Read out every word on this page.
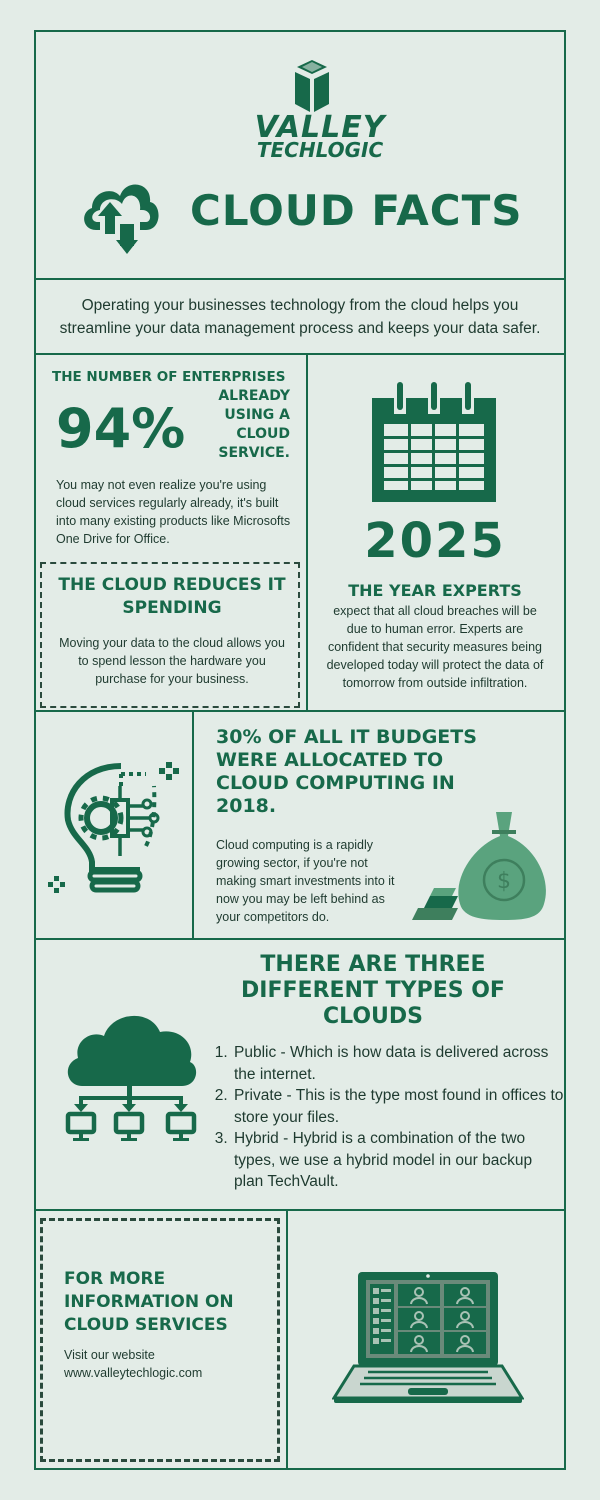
VALLEY
TECHLOGIC
CLOUD FACTS
Operating your businesses technology from the cloud helps you streamline your data management process and keeps your data safer.
THE NUMBER OF ENTERPRISES
94%
ALREADY USING A CLOUD SERVICE.
You may not even realize you're using cloud services regularly already, it's built into many existing products like Microsofts One Drive for Office.
THE CLOUD REDUCES IT SPENDING
Moving your data to the cloud allows you to spend lesson the hardware you purchase for your business.
2025
THE YEAR EXPERTS
expect that all cloud breaches will be due to human error. Experts are confident that security measures being developed today will protect the data of tomorrow from outside infiltration.
30% OF ALL IT BUDGETS WERE ALLOCATED TO CLOUD COMPUTING IN 2018.
Cloud computing is a rapidly growing sector, if you're not making smart investments into it now you may be left behind as your competitors do.
$
THERE ARE THREE DIFFERENT TYPES OF CLOUDS
1. Public - Which is how data is delivered across the internet.
2. Private - This is the type most found in offices to store your files.
3. Hybrid - Hybrid is a combination of the two types, we use a hybrid model in our backup plan TechVault.
FOR MORE INFORMATION ON CLOUD SERVICES
Visit our website
www.valleytechlogic.com
